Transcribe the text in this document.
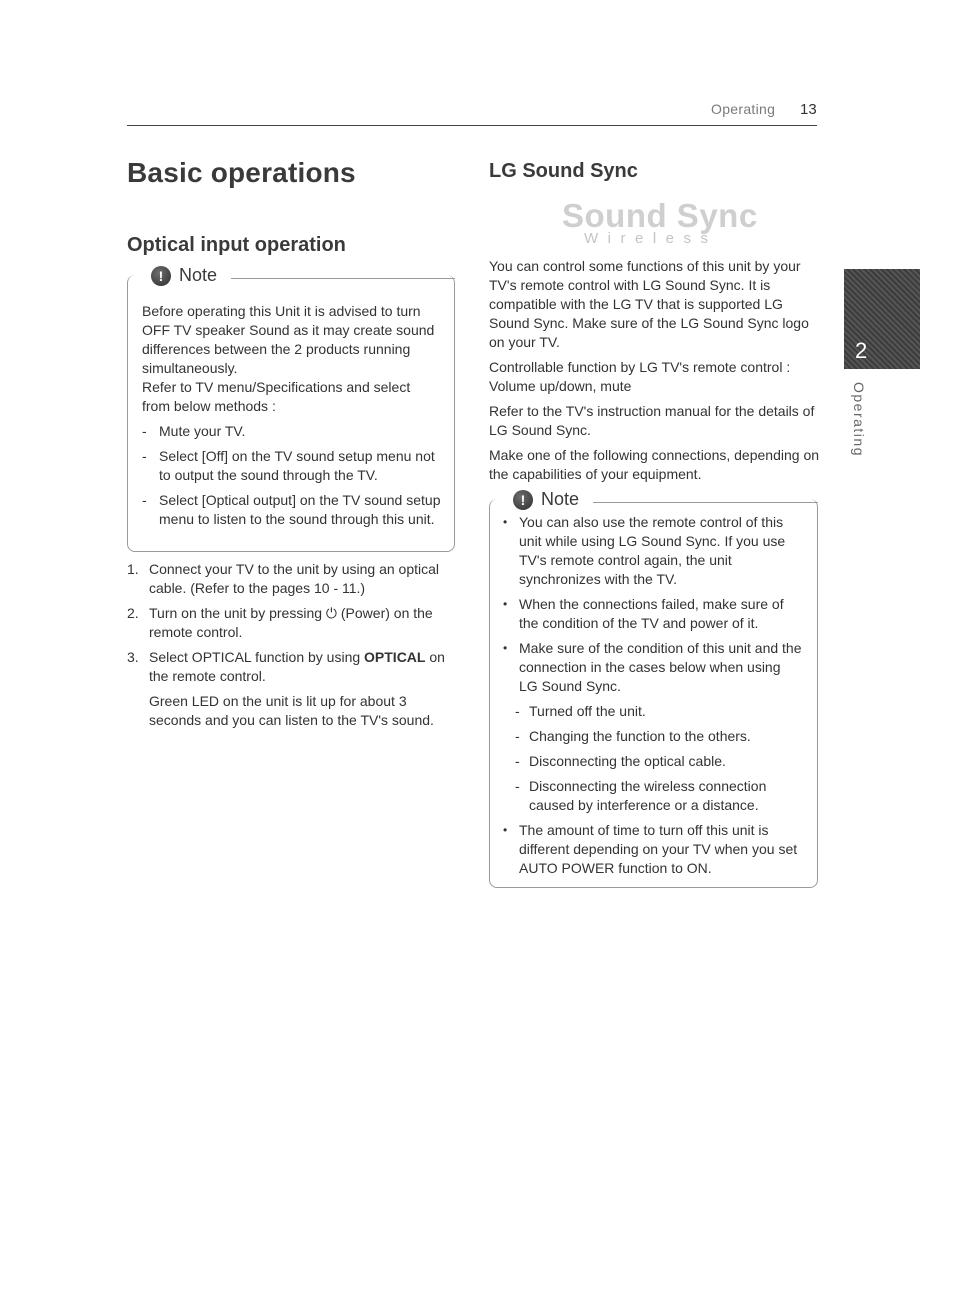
Operating 13
Basic operations
Optical input operation
! Note
Before operating this Unit it is advised to turn OFF TV speaker Sound as it may create sound differences between the 2 products running simultaneously.
Refer to TV menu/Specifications and select from below methods :
- Mute your TV.
- Select [Off] on the TV sound setup menu not to output the sound through the TV.
- Select [Optical output] on the TV sound setup menu to listen to the sound through this unit.
1. Connect your TV to the unit by using an optical cable. (Refer to the pages 10 - 11.)
2. Turn on the unit by pressing ⏻ (Power) on the remote control.
3. Select OPTICAL function by using OPTICAL on the remote control.
Green LED on the unit is lit up for about 3 seconds and you can listen to the TV's sound.
LG Sound Sync
Sound Sync
Wireless

You can control some functions of this unit by your TV's remote control with LG Sound Sync. It is compatible with the LG TV that is supported LG Sound Sync. Make sure of the LG Sound Sync logo on your TV.

Controllable function by LG TV's remote control : Volume up/down, mute

Refer to the TV's instruction manual for the details of LG Sound Sync.

Make one of the following connections, depending on the capabilities of your equipment.

! Note
• You can also use the remote control of this unit while using LG Sound Sync. If you use TV's remote control again, the unit synchronizes with the TV.
• When the connections failed, make sure of the condition of the TV and power of it.
• Make sure of the condition of this unit and the connection in the cases below when using LG Sound Sync.
- Turned off the unit.
- Changing the function to the others.
- Disconnecting the optical cable.
- Disconnecting the wireless connection caused by interference or a distance.
• The amount of time to turn off this unit is different depending on your TV when you set AUTO POWER function to ON.
2
Operating
